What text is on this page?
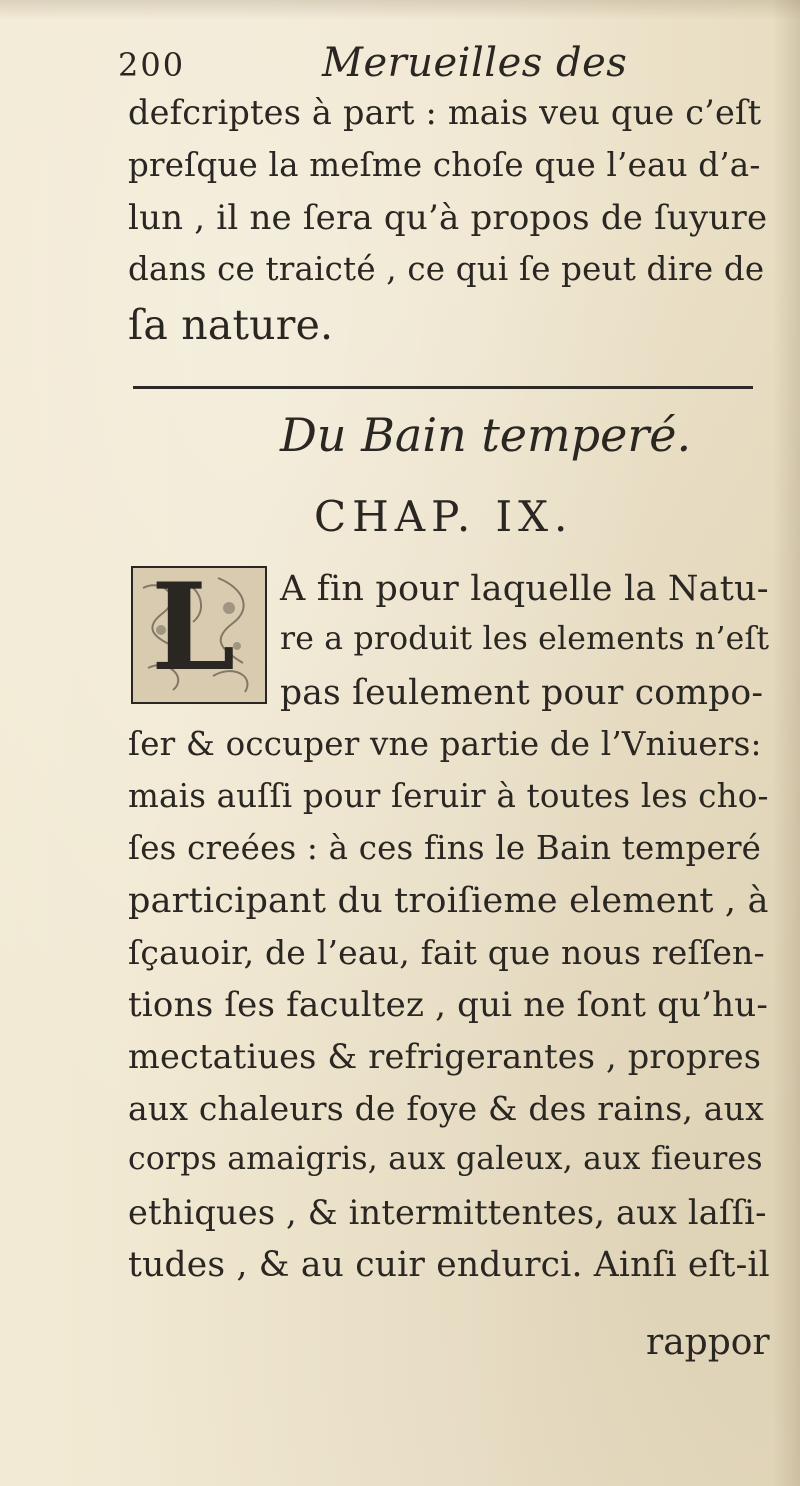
200	Merueilles des
defcriptes à part : mais veu que c’eſt
preſque la meſme choſe que l’eau d’a-
lun , il ne ſera qu’à propos de ſuyure
dans ce traicté , ce qui ſe peut dire de
ſa nature.
Du Bain temperé.
CHAP. IX.
L A fin pour laquelle la Natu-
re a produit les elements n’eſt
pas ſeulement pour compo-
ſer & occuper vne partie de l’Vniuers:
mais auſſi pour ſeruir à toutes les cho-
ſes creées : à ces fins le Bain temperé
participant du troiſieme element , à
ſçauoir, de l’eau, fait que nous reſſen-
tions ſes facultez , qui ne ſont qu’hu-
mectatiues & refrigerantes , propres
aux chaleurs de foye & des rains, aux
corps amaigris, aux galeux, aux fieures
ethiques , & intermittentes, aux laſſi-
tudes , & au cuir endurci. Ainſi eſt-il
rappor
